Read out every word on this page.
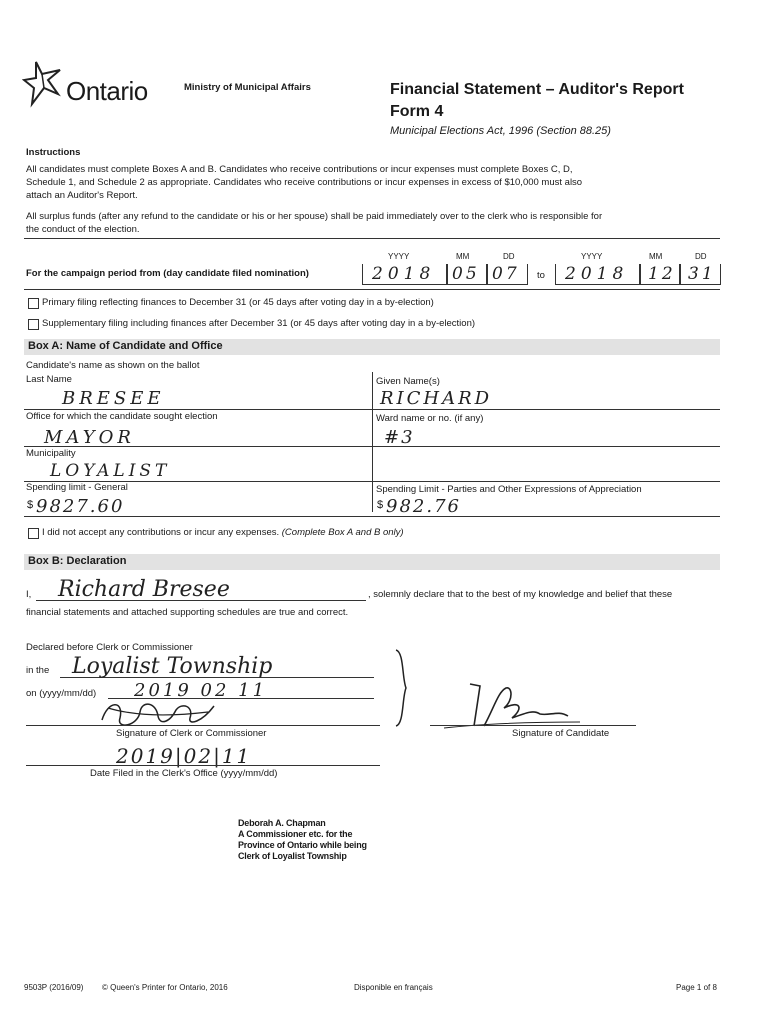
Ontario	Ministry of Municipal Affairs	Financial Statement – Auditor's Report
Form 4
Municipal Elections Act, 1996 (Section 88.25)
Instructions
All candidates must complete Boxes A and B. Candidates who receive contributions or incur expenses must complete Boxes C, D,
Schedule 1, and Schedule 2 as appropriate. Candidates who receive contributions or incur expenses in excess of $10,000 must also
attach an Auditor's Report.
All surplus funds (after any refund to the candidate or his or her spouse) shall be paid immediately over to the clerk who is responsible for
the conduct of the election.
YYYY	MM	DD	YYYY	MM	DD
For the campaign period from (day candidate filed nomination)	2018 05 07 to 2018 12 31
Primary filing reflecting finances to December 31 (or 45 days after voting day in a by-election)
Supplementary filing including finances after December 31 (or 45 days after voting day in a by-election)
Box A: Name of Candidate and Office
Candidate's name as shown on the ballot
Last Name	Given Name(s)
BRESEE	RICHARD
Office for which the candidate sought election	Ward name or no. (if any)
MAYOR	#3
Municipality
LOYALIST
Spending limit - General	Spending Limit - Parties and Other Expressions of Appreciation
$ 9827.60	$ 982.76
I did not accept any contributions or incur any expenses. (Complete Box A and B only)
Box B: Declaration
I, Richard Bresee	, solemnly declare that to the best of my knowledge and belief that these
financial statements and attached supporting schedules are true and correct.
Declared before Clerk or Commissioner
in the Loyalist Township
on (yyyy/mm/dd) 2019 02 11
Signature of Clerk or Commissioner	Signature of Candidate
2019|02|11
Date Filed in the Clerk's Office (yyyy/mm/dd)
Deborah A. Chapman
A Commissioner etc. for the
Province of Ontario while being
Clerk of Loyalist Township
9503P (2016/09) © Queen's Printer for Ontario, 2016	Disponible en français	Page 1 of 8
